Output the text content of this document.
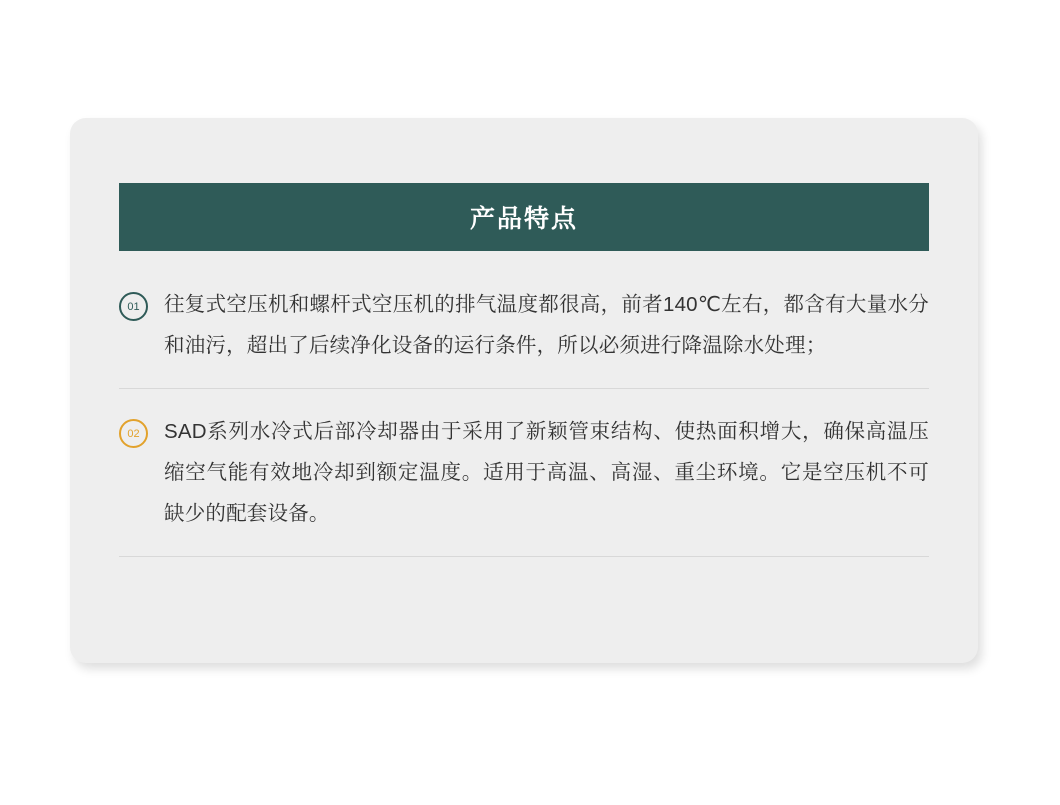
产品特点
01	往复式空压机和螺杆式空压机的排气温度都很高，前者140℃左右，都含有大量水分和油污，超出了后续净化设备的运行条件，所以必须进行降温除水处理；
02	SAD系列水冷式后部冷却器由于采用了新颖管束结构、使热面积增大，确保高温压缩空气能有效地冷却到额定温度。适用于高温、高湿、重尘环境。它是空压机不可缺少的配套设备。
